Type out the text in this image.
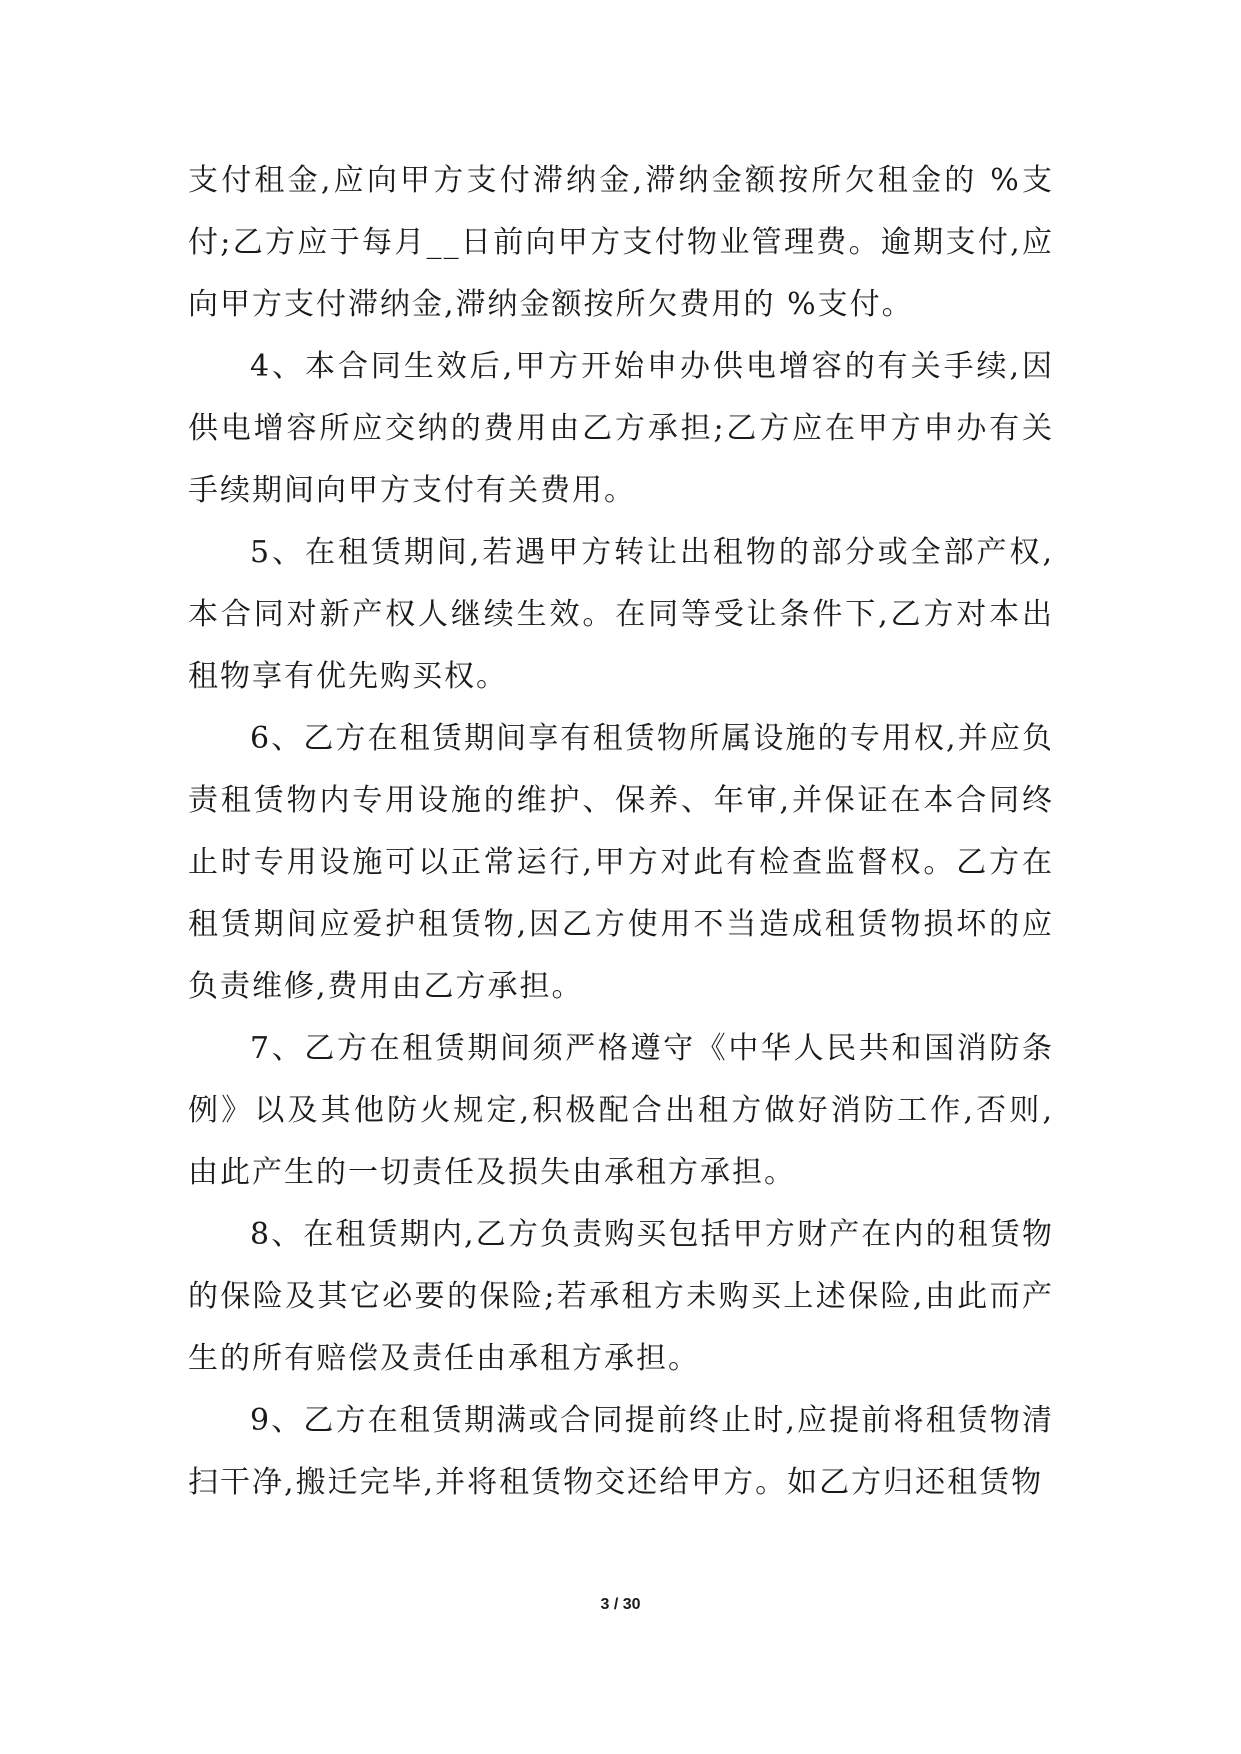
支付租金,应向甲方支付滞纳金,滞纳金额按所欠租金的 %支付;乙方应于每月__日前向甲方支付物业管理费。逾期支付,应向甲方支付滞纳金,滞纳金额按所欠费用的 %支付。

4、本合同生效后,甲方开始申办供电增容的有关手续,因供电增容所应交纳的费用由乙方承担;乙方应在甲方申办有关手续期间向甲方支付有关费用。

5、在租赁期间,若遇甲方转让出租物的部分或全部产权,本合同对新产权人继续生效。在同等受让条件下,乙方对本出租物享有优先购买权。

6、乙方在租赁期间享有租赁物所属设施的专用权,并应负责租赁物内专用设施的维护、保养、年审,并保证在本合同终止时专用设施可以正常运行,甲方对此有检查监督权。乙方在租赁期间应爱护租赁物,因乙方使用不当造成租赁物损坏的应负责维修,费用由乙方承担。

7、乙方在租赁期间须严格遵守《中华人民共和国消防条例》以及其他防火规定,积极配合出租方做好消防工作,否则,由此产生的一切责任及损失由承租方承担。

8、在租赁期内,乙方负责购买包括甲方财产在内的租赁物的保险及其它必要的保险;若承租方未购买上述保险,由此而产生的所有赔偿及责任由承租方承担。

9、乙方在租赁期满或合同提前终止时,应提前将租赁物清扫干净,搬迁完毕,并将租赁物交还给甲方。如乙方归还租赁物

3 / 30
